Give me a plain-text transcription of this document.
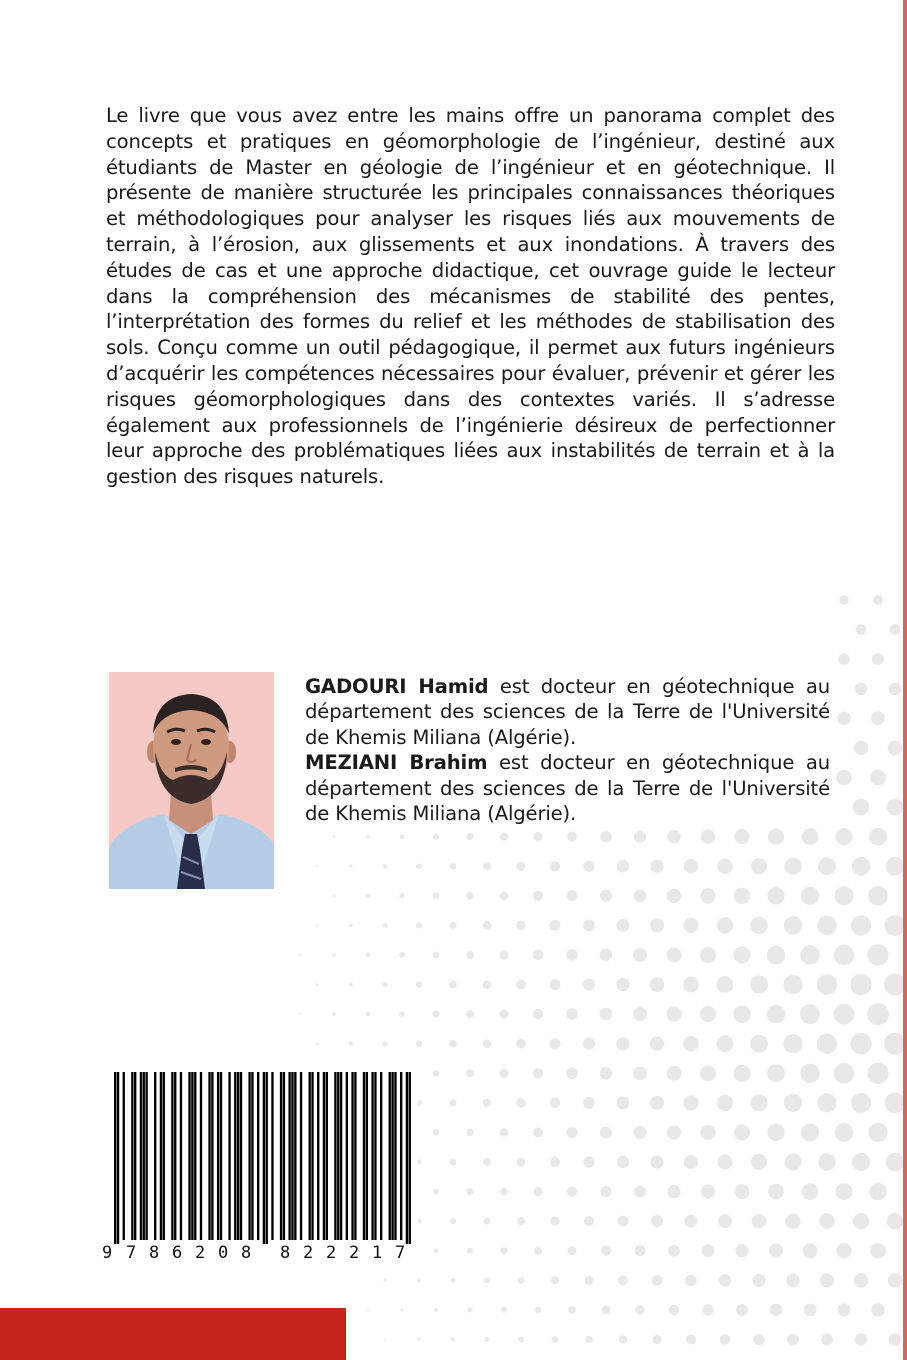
Le livre que vous avez entre les mains offre un panorama complet des concepts et pratiques en géomorphologie de l’ingénieur, destiné aux étudiants de Master en géologie de l’ingénieur et en géotechnique. Il présente de manière structurée les principales connaissances théoriques et méthodologiques pour analyser les risques liés aux mouvements de terrain, à l’érosion, aux glissements et aux inondations. À travers des études de cas et une approche didactique, cet ouvrage guide le lecteur dans la compréhension des mécanismes de stabilité des pentes, l’interprétation des formes du relief et les méthodes de stabilisation des sols. Conçu comme un outil pédagogique, il permet aux futurs ingénieurs d’acquérir les compétences nécessaires pour évaluer, prévenir et gérer les risques géomorphologiques dans des contextes variés. Il s’adresse également aux professionnels de l’ingénierie désireux de perfectionner leur approche des problématiques liées aux instabilités de terrain et à la gestion des risques naturels.

GADOURI Hamid est docteur en géotechnique au département des sciences de la Terre de l'Université de Khemis Miliana (Algérie).

MEZIANI Brahim est docteur en géotechnique au département des sciences de la Terre de l'Université de Khemis Miliana (Algérie).

9 7 8 6 2 0 8 8 2 2 2 1 7
